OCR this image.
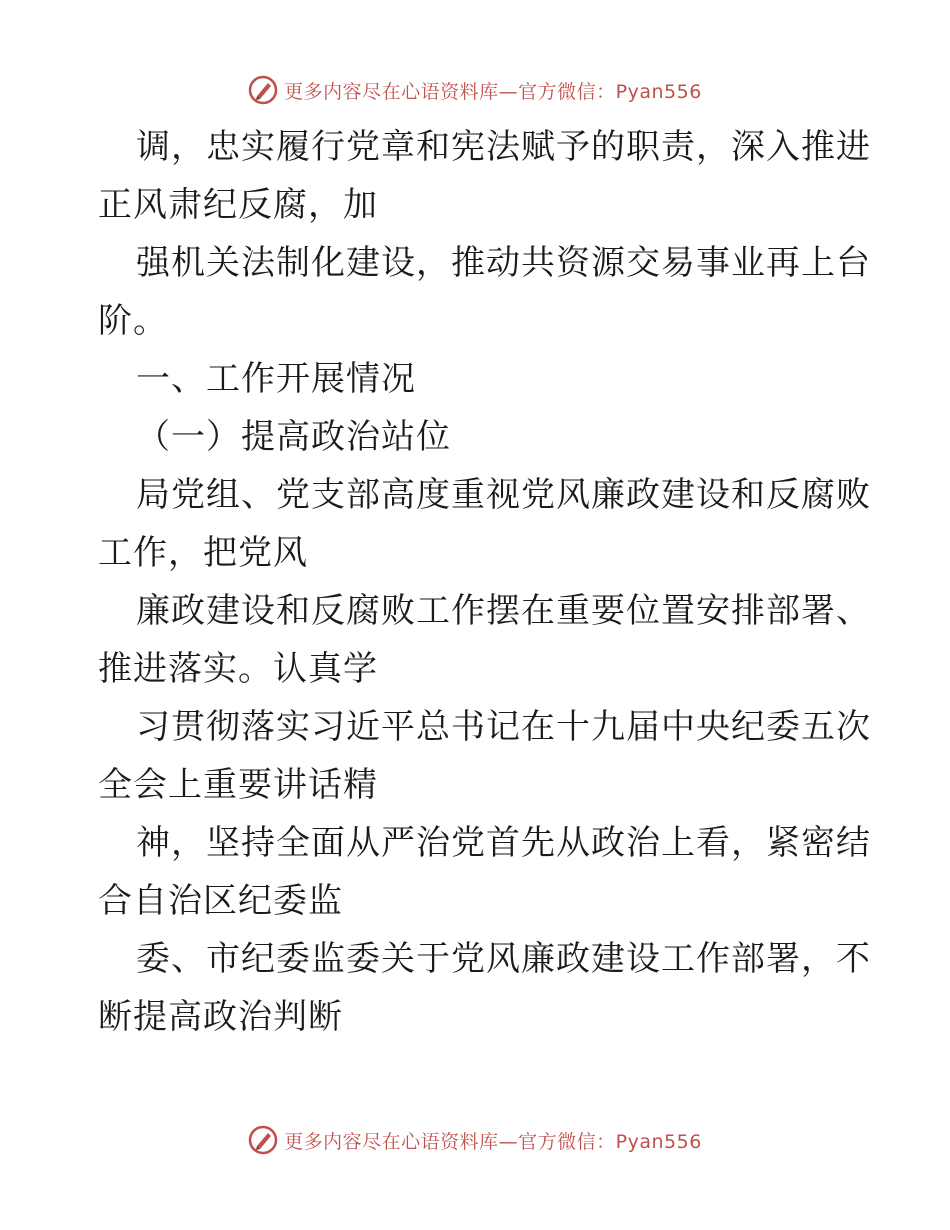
更多内容尽在心语资料库—官方微信：Pyan556
调，忠实履行党章和宪法赋予的职责，深入推进
正风肃纪反腐，加
强机关法制化建设，推动共资源交易事业再上台
阶。
一、工作开展情况
（一）提高政治站位
局党组、党支部高度重视党风廉政建设和反腐败
工作，把党风
廉政建设和反腐败工作摆在重要位置安排部署、
推进落实。认真学
习贯彻落实习近平总书记在十九届中央纪委五次
全会上重要讲话精
神，坚持全面从严治党首先从政治上看，紧密结
合自治区纪委监
委、市纪委监委关于党风廉政建设工作部署，不
断提高政治判断
更多内容尽在心语资料库—官方微信：Pyan556
